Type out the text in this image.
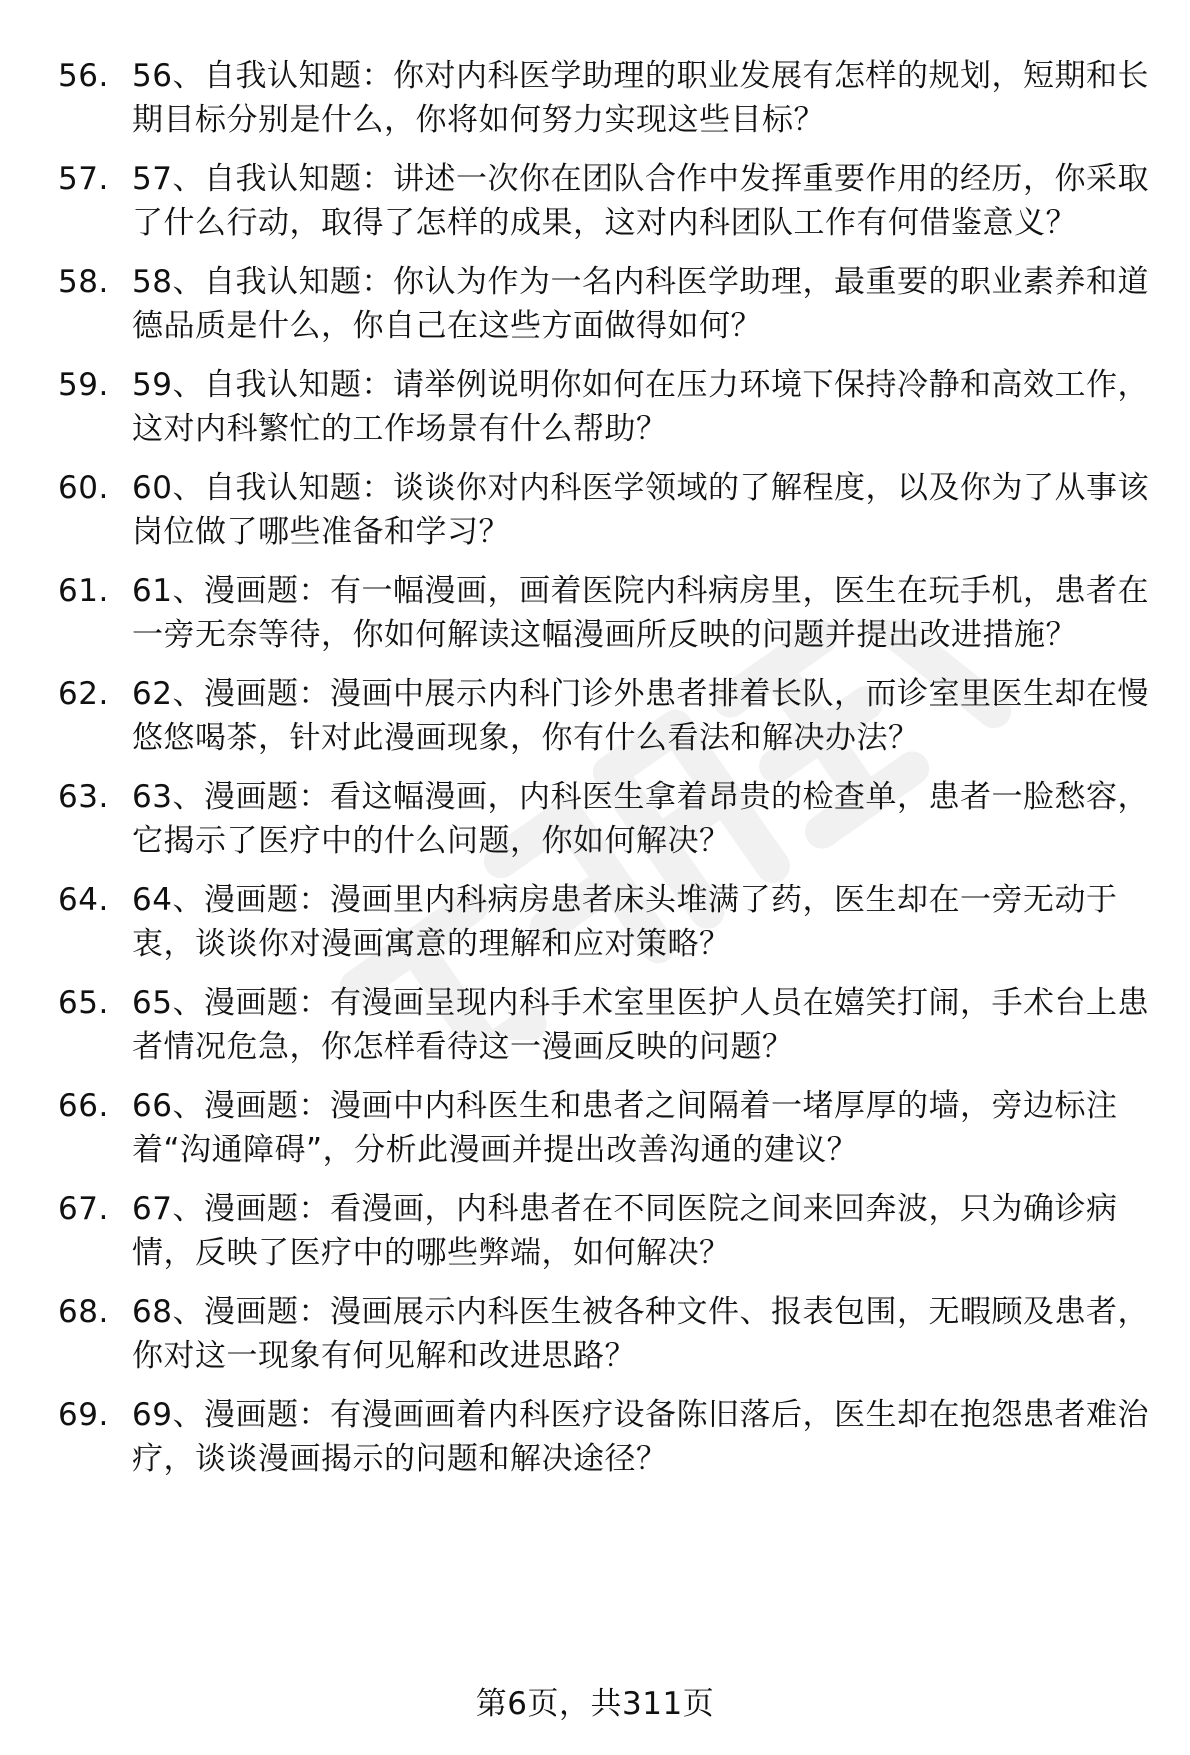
56. 56、自我认知题：你对内科医学助理的职业发展有怎样的规划，短期和长期目标分别是什么，你将如何努力实现这些目标？
57. 57、自我认知题：讲述一次你在团队合作中发挥重要作用的经历，你采取了什么行动，取得了怎样的成果，这对内科团队工作有何借鉴意义？
58. 58、自我认知题：你认为作为一名内科医学助理，最重要的职业素养和道德品质是什么，你自己在这些方面做得如何？
59. 59、自我认知题：请举例说明你如何在压力环境下保持冷静和高效工作，这对内科繁忙的工作场景有什么帮助？
60. 60、自我认知题：谈谈你对内科医学领域的了解程度，以及你为了从事该岗位做了哪些准备和学习？
61. 61、漫画题：有一幅漫画，画着医院内科病房里，医生在玩手机，患者在一旁无奈等待，你如何解读这幅漫画所反映的问题并提出改进措施？
62. 62、漫画题：漫画中展示内科门诊外患者排着长队，而诊室里医生却在慢悠悠喝茶，针对此漫画现象，你有什么看法和解决办法？
63. 63、漫画题：看这幅漫画，内科医生拿着昂贵的检查单，患者一脸愁容，它揭示了医疗中的什么问题，你如何解决？
64. 64、漫画题：漫画里内科病房患者床头堆满了药，医生却在一旁无动于衷，谈谈你对漫画寓意的理解和应对策略？
65. 65、漫画题：有漫画呈现内科手术室里医护人员在嬉笑打闹，手术台上患者情况危急，你怎样看待这一漫画反映的问题？
66. 66、漫画题：漫画中内科医生和患者之间隔着一堵厚厚的墙，旁边标注着“沟通障碍”，分析此漫画并提出改善沟通的建议？
67. 67、漫画题：看漫画，内科患者在不同医院之间来回奔波，只为确诊病情，反映了医疗中的哪些弊端，如何解决？
68. 68、漫画题：漫画展示内科医生被各种文件、报表包围，无暇顾及患者，你对这一现象有何见解和改进思路？
69. 69、漫画题：有漫画画着内科医疗设备陈旧落后，医生却在抱怨患者难治疗，谈谈漫画揭示的问题和解决途径？
第6页，共311页
